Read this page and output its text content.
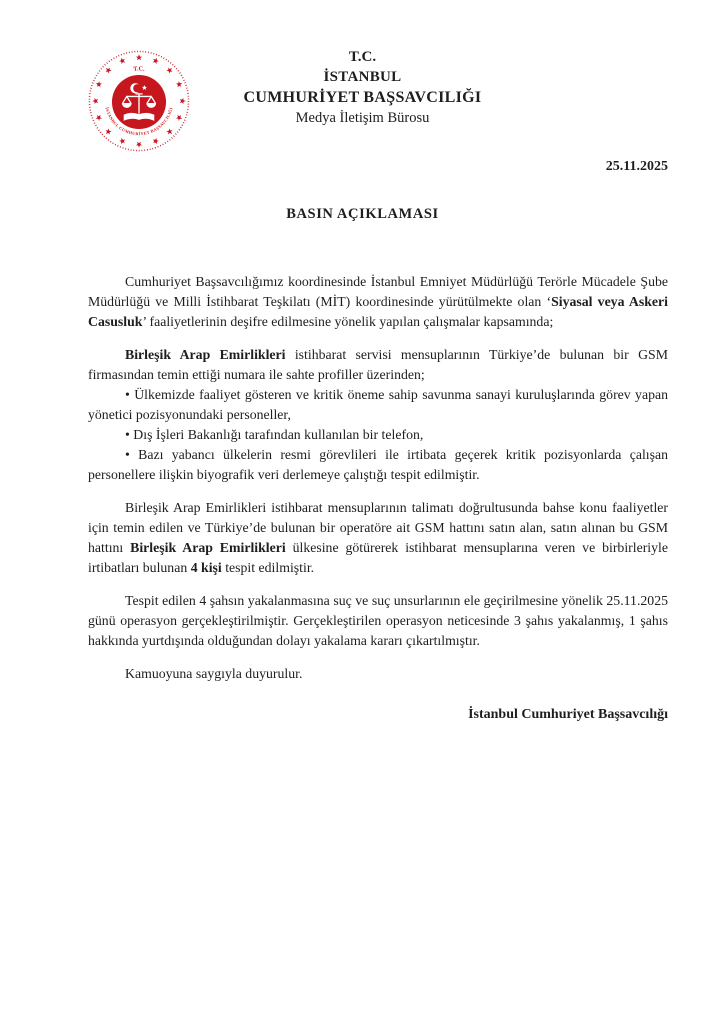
T.C.
İSTANBUL CUMHURİYET BAŞSAVCILIĞI
T.C.
İSTANBUL
CUMHURİYET BAŞSAVCILIĞI
Medya İletişim Bürosu
25.11.2025
BASIN AÇIKLAMASI

Cumhuriyet Başsavcılığımız koordinesinde İstanbul Emniyet Müdürlüğü Terörle Mücadele Şube Müdürlüğü ve Milli İstihbarat Teşkilatı (MİT) koordinesinde yürütülmekte olan ‘Siyasal veya Askeri Casusluk’ faaliyetlerinin deşifre edilmesine yönelik yapılan çalışmalar kapsamında;

Birleşik Arap Emirlikleri istihbarat servisi mensuplarının Türkiye’de bulunan bir GSM firmasından temin ettiği numara ile sahte profiller üzerinden;

• Ülkemizde faaliyet gösteren ve kritik öneme sahip savunma sanayi kuruluşlarında görev yapan yönetici pozisyonundaki personeller,

• Dış İşleri Bakanlığı tarafından kullanılan bir telefon,

• Bazı yabancı ülkelerin resmi görevlileri ile irtibata geçerek kritik pozisyonlarda çalışan personellere ilişkin biyografik veri derlemeye çalıştığı tespit edilmiştir.

Birleşik Arap Emirlikleri istihbarat mensuplarının talimatı doğrultusunda bahse konu faaliyetler için temin edilen ve Türkiye’de bulunan bir operatöre ait GSM hattını satın alan, satın alınan bu GSM hattını Birleşik Arap Emirlikleri ülkesine götürerek istihbarat mensuplarına veren ve birbirleriyle irtibatları bulunan 4 kişi tespit edilmiştir.

Tespit edilen 4 şahsın yakalanmasına suç ve suç unsurlarının ele geçirilmesine yönelik 25.11.2025 günü operasyon gerçekleştirilmiştir. Gerçekleştirilen operasyon neticesinde 3 şahıs yakalanmış, 1 şahıs hakkında yurtdışında olduğundan dolayı yakalama kararı çıkartılmıştır.

Kamuoyuna saygıyla duyurulur.

İstanbul Cumhuriyet Başsavcılığı
